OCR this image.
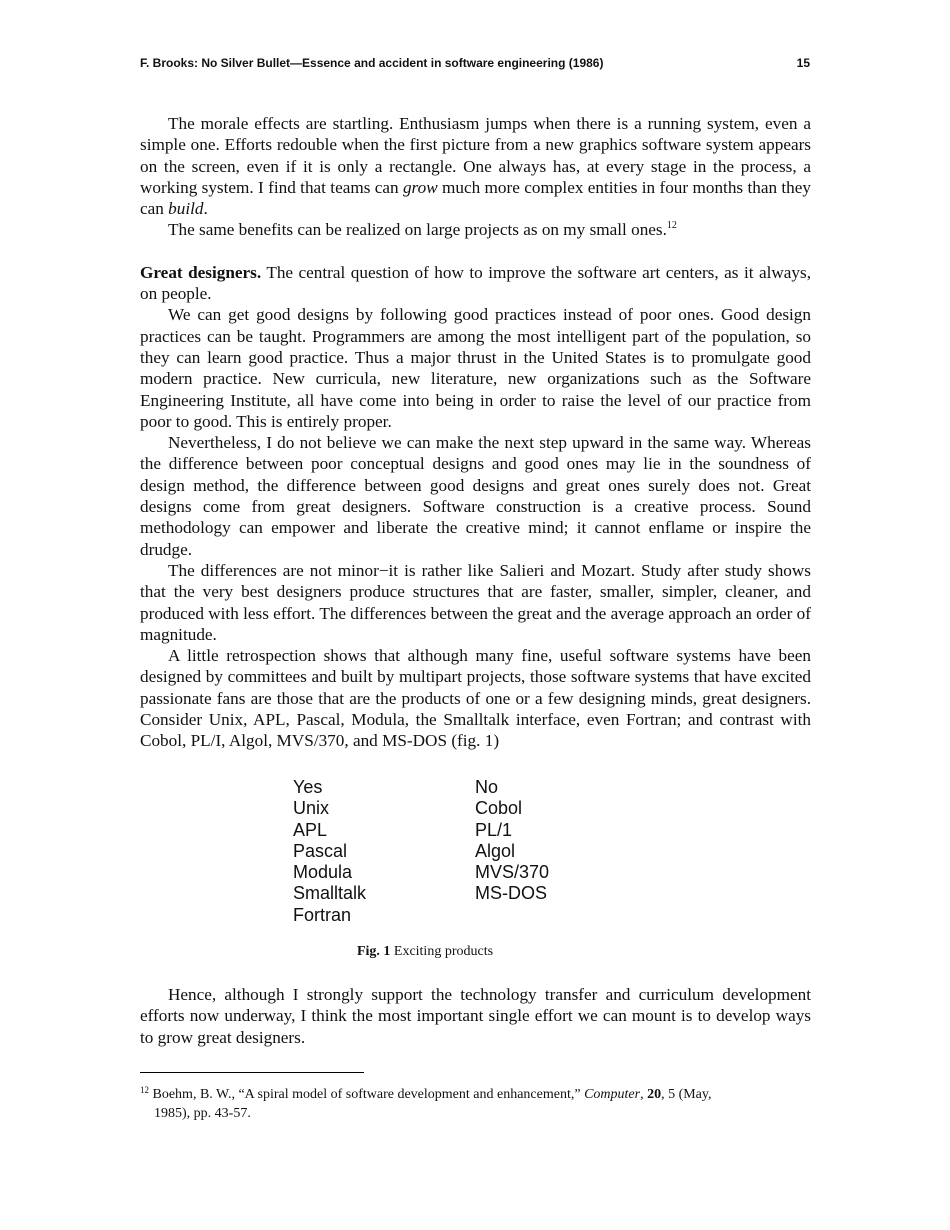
F. Brooks: No Silver Bullet—Essence and accident in software engineering (1986)	15

The morale effects are startling. Enthusiasm jumps when there is a running system, even a simple one. Efforts redouble when the first picture from a new graphics software system appears on the screen, even if it is only a rectangle. One always has, at every stage in the process, a working system. I find that teams can grow much more complex entities in four months than they can build.

The same benefits can be realized on large projects as on my small ones.$^{12}$

Great designers. The central question of how to improve the software art centers, as it always, on people.

We can get good designs by following good practices instead of poor ones. Good design practices can be taught. Programmers are among the most intelligent part of the population, so they can learn good practice. Thus a major thrust in the United States is to promulgate good modern practice. New curricula, new literature, new organizations such as the Software Engineering Institute, all have come into being in order to raise the level of our practice from poor to good. This is entirely proper.

Nevertheless, I do not believe we can make the next step upward in the same way. Whereas the difference between poor conceptual designs and good ones may lie in the soundness of design method, the difference between good designs and great ones surely does not. Great designs come from great designers. Software construction is a creative process. Sound methodology can empower and liberate the creative mind; it cannot enflame or inspire the drudge.

The differences are not minor−it is rather like Salieri and Mozart. Study after study shows that the very best designers produce structures that are faster, smaller, simpler, cleaner, and produced with less effort. The differences between the great and the average approach an order of magnitude.

A little retrospection shows that although many fine, useful software systems have been designed by committees and built by multipart projects, those software systems that have excited passionate fans are those that are the products of one or a few designing minds, great designers. Consider Unix, APL, Pascal, Modula, the Smalltalk interface, even Fortran; and contrast with Cobol, PL/I, Algol, MVS/370, and MS-DOS (fig. 1)

Yes
Unix
APL
Pascal
Modula
Smalltalk
Fortran
No
Cobol
PL/1
Algol
MVS/370
MS-DOS
Fig. 1 Exciting products

Hence, although I strongly support the technology transfer and curriculum development efforts now underway, I think the most important single effort we can mount is to develop ways to grow great designers.

$^{12}$ Boehm, B. W., “A spiral model of software development and enhancement,” Computer, 20, 5 (May,
1985), pp. 43-57.
